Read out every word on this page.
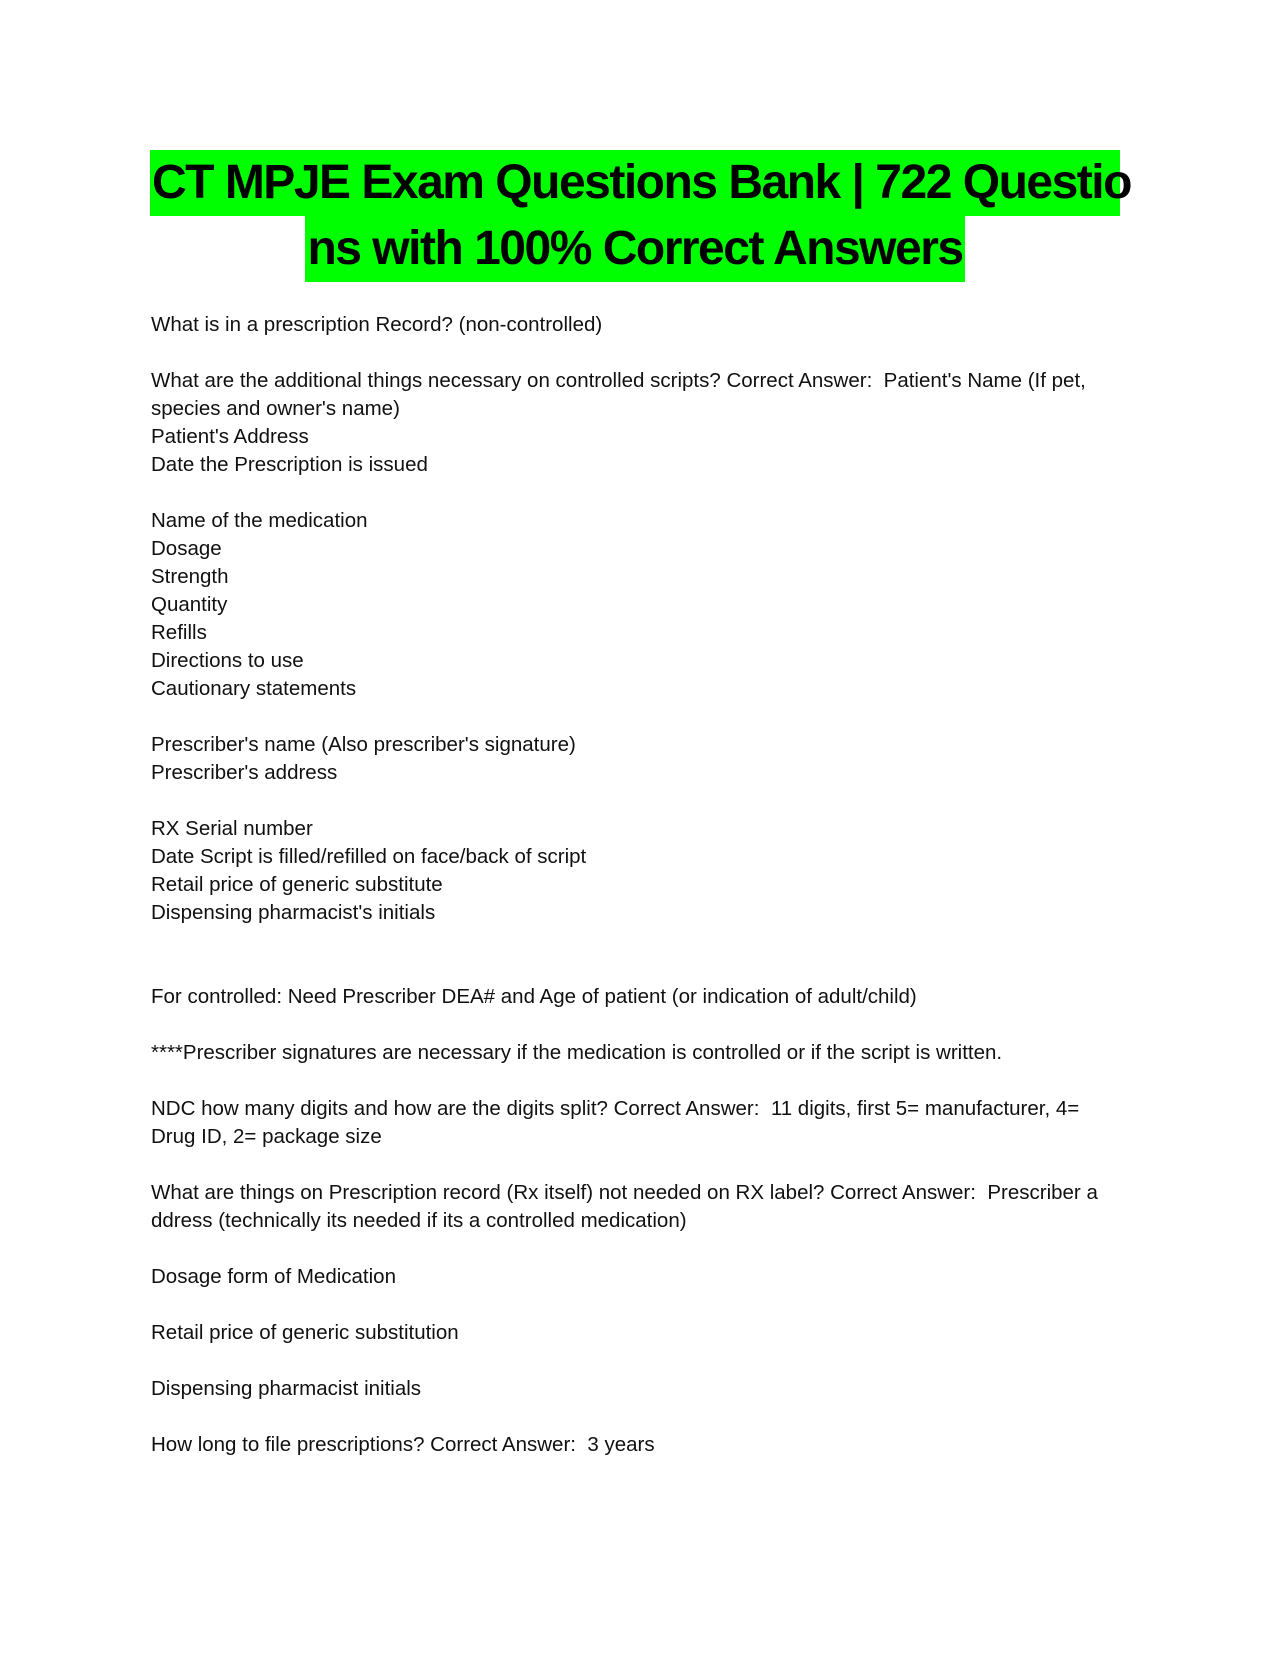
CT MPJE Exam Questions Bank | 722 Questio
ns with 100% Correct Answers
What is in a prescription Record? (non-controlled)
What are the additional things necessary on controlled scripts? Correct Answer:  Patient's Name (If pet,
species and owner's name)
Patient's Address
Date the Prescription is issued
Name of the medication
Dosage
Strength
Quantity
Refills
Directions to use
Cautionary statements
Prescriber's name (Also prescriber's signature)
Prescriber's address
RX Serial number
Date Script is filled/refilled on face/back of script
Retail price of generic substitute
Dispensing pharmacist's initials
For controlled: Need Prescriber DEA# and Age of patient (or indication of adult/child)
****Prescriber signatures are necessary if the medication is controlled or if the script is written.
NDC how many digits and how are the digits split? Correct Answer:  11 digits, first 5= manufacturer, 4=
Drug ID, 2= package size
What are things on Prescription record (Rx itself) not needed on RX label? Correct Answer:  Prescriber a
ddress (technically its needed if its a controlled medication)
Dosage form of Medication
Retail price of generic substitution
Dispensing pharmacist initials
How long to file prescriptions? Correct Answer:  3 years
